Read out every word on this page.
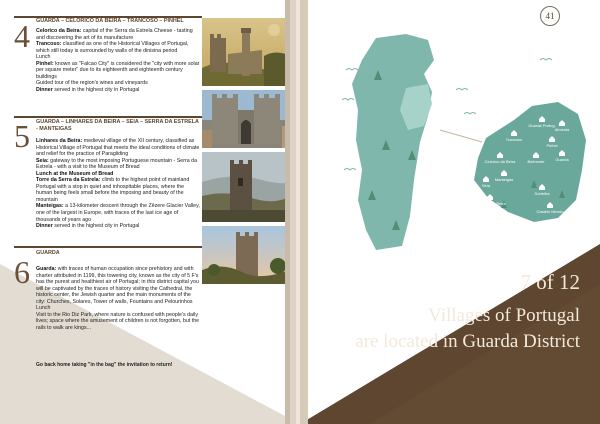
4 GUARDA – CELORICO DA BEIRA – TRANCOSO – PINHEL

Celorico da Beira: capital of the Serra da Estrela Cheese - tasting and discovering the art of its manufacture

Trancoso: classified as one of the Historical Villages of Portugal, which still today is surrounded by walls of the dinisina period

Lunch

Pinhel: known as "Falcao City" is considered the "city with more solar per square meter" due to its eighteenth and eighteenth century buildings

Guided tour of the region's wines and vineyards

Dinner served in the highest city in Portugal

5 GUARDA – LINHARES DA BEIRA – SEIA – SERRA DA ESTRELA - MANTEIGAS

Linhares da Beira: medieval village of the XII century, classified as Historical Village of Portugal that meets the ideal conditions of climate and relief for the practice of Paragliding

Seia: gateway to the most imposing Portuguese mountain - Serra da Estrela - with a visit to the Museum of Bread

Lunch at the Museum of Bread

Torre da Serra da Estrela: climb to the highest point of mainland Portugal with a stop in quiet and inhospitable places, where the human being feels small before the imposing and beauty of the mountain

Manteigas: a 13-kilometer descent through the Zêzere Glacier Valley, one of the largest in Europe, with traces of the last ice age of thousands of years ago

Dinner served in the highest city in Portugal

6
GUARDA

Guarda: with traces of human occupation since prehistory and with charter attributed in 1199, this towering city, known as the city of 5 F's has the purest and healthiest air of Portugal; in this district capital you will be captivated by the traces of history visiting the Cathedral, the historic center, the Jewish quarter and the main monuments of the city: Churches, Solares, Tower of walls, Fountains and Pelourinhos

Lunch

Visit to the Rio Diz Park, where nature is confused with people's daily lives; space where the amusement of children is not forgotten, but the rails to walk are kings...

Go back home taking "in the bag" the invitation to return!
41
Guarda Portug.
Almeida
Trancoso
Pinhel
Celorico da Beira	Belmonte	Guarda
Manteigas
Seia
Sortelha
Linhares da Beira
Castelo Mendo
7 of 12
Villages of Portugal
are located in Guarda District
